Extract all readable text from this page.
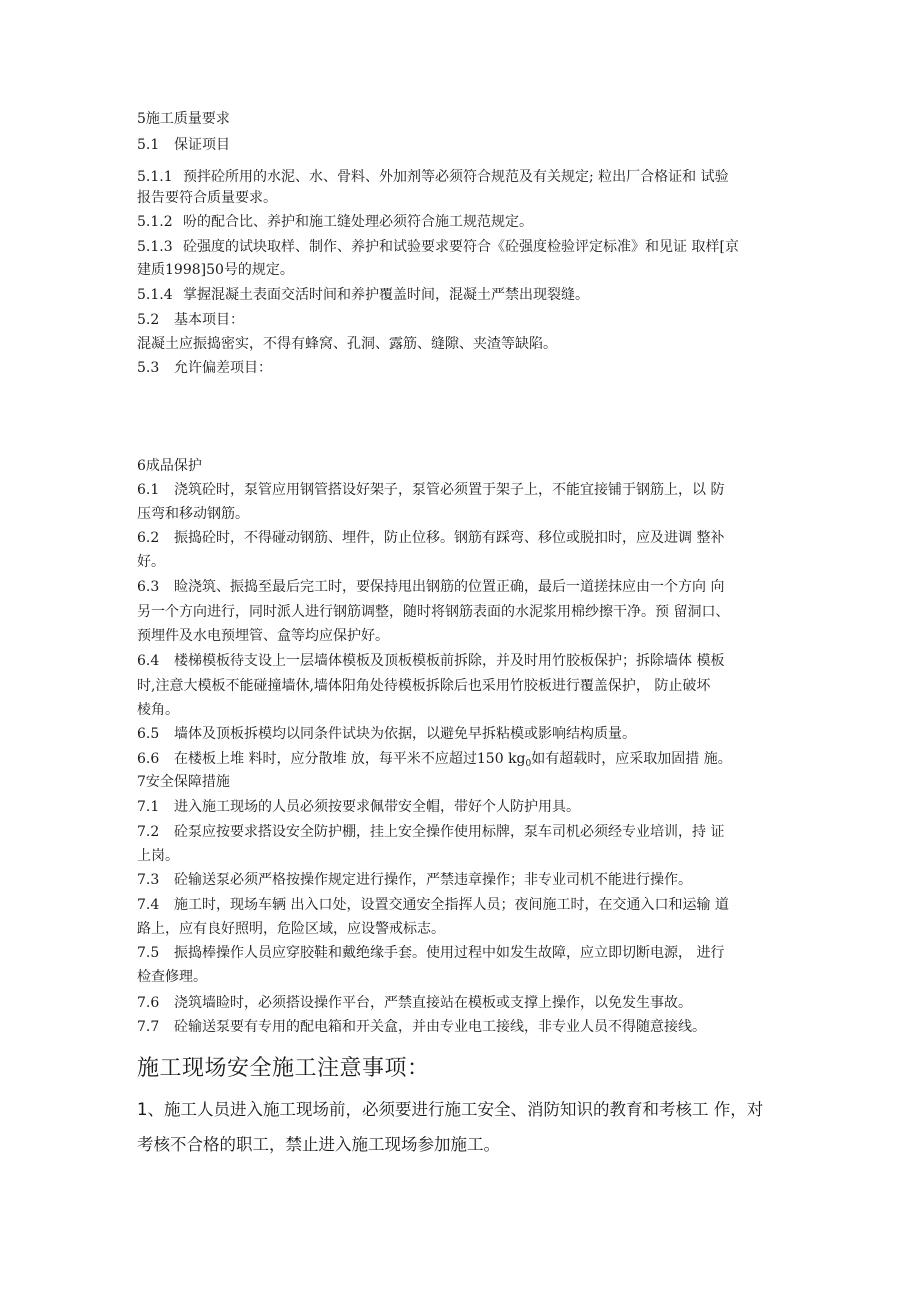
5施工质量要求
5.1 保证项目
5.1.1 预拌砼所用的水泥、水、骨料、外加剂等必须符合规范及有关规定; 粒出厂合格证和 试验
报告要符合质量要求。
5.1.2 吩的配合比、养护和施工缝处理必须符合施工规范规定。
5.1.3 砼强度的试块取样、制作、养护和试验要求要符合《砼强度检验评定标准》和见证 取样[京
建质1998]50号的规定。
5.1.4 掌握混凝土表面交活时间和养护覆盖时间，混凝土严禁出现裂缝。
5.2 基本项目：
混凝土应振捣密实，不得有蜂窝、孔洞、露筋、缝隙、夹渣等缺陷。
5.3 允许偏差项目：
6成品保护
6.1 浇筑砼时，泵管应用钢管搭设好架子，泵管必须置于架子上，不能宜接铺于钢筋上，以 防
压弯和移动钢筋。
6.2 振捣砼时，不得碰动钢筋、埋件，防止位移。钢筋有踩弯、移位或脱扣时，应及进调 整补
好。
6.3 睑浇筑、振捣至最后完工时，要保持甩出钢筋的位置正确，最后一道搓抹应由一个方向 向
另一个方向进行，同时派人进行钢筋调整，随时将钢筋表面的水泥浆用棉纱擦干净。预 留洞口、
预埋件及水电预埋管、盒等均应保护好。
6.4 楼梯模板待支设上一层墙体模板及顶板模板前拆除，并及时用竹胶板保护；拆除墙体 模板
时,注意大模板不能碰撞墙休,墙体阳角处待模板拆除后也采用竹胶板进行覆盖保护， 防止破坏
棱角。
6.5 墙体及顶板拆模均以同条件试块为依据，以避免早拆粘模或影响结构质量。
6.6 在楼板上堆 料时，应分散堆 放，每平米不应超过150 $kg_0$如有超载时，应采取加固措 施。
7安全保障措施
7.1 进入施工现场的人员必须按要求佩带安全帽，带好个人防护用具。
7.2 砼泵应按要求搭设安全防护棚，挂上安全操作使用标牌，泵车司机必须经专业培训，持 证
上岗。
7.3 砼输送泵必须严格按操作规定进行操作，严禁违章操作；非专业司机不能进行操作。
7.4 施工时，现场车辆 出入口处，设置交通安全指挥人员；夜间施工时，在交通入口和运输 道
路上，应有良好照明，危险区域，应设警戒标志。
7.5 振捣棒操作人员应穿胶鞋和戴绝缘手套。使用过程中如发生故障，应立即切断电源， 进行
检查修理。
7.6 浇筑墙睑时，必须搭设操作平台，严禁直接站在模板或支撑上操作，以免发生事故。
7.7 砼输送泵要有专用的配电箱和开关盒，并由专业电工接线，非专业人员不得随意接线。
施工现场安全施工注意事项：
1、施工人员进入施工现场前，必须要进行施工安全、消防知识的教育和考核工 作，对
考核不合格的职工，禁止进入施工现场参加施工。
